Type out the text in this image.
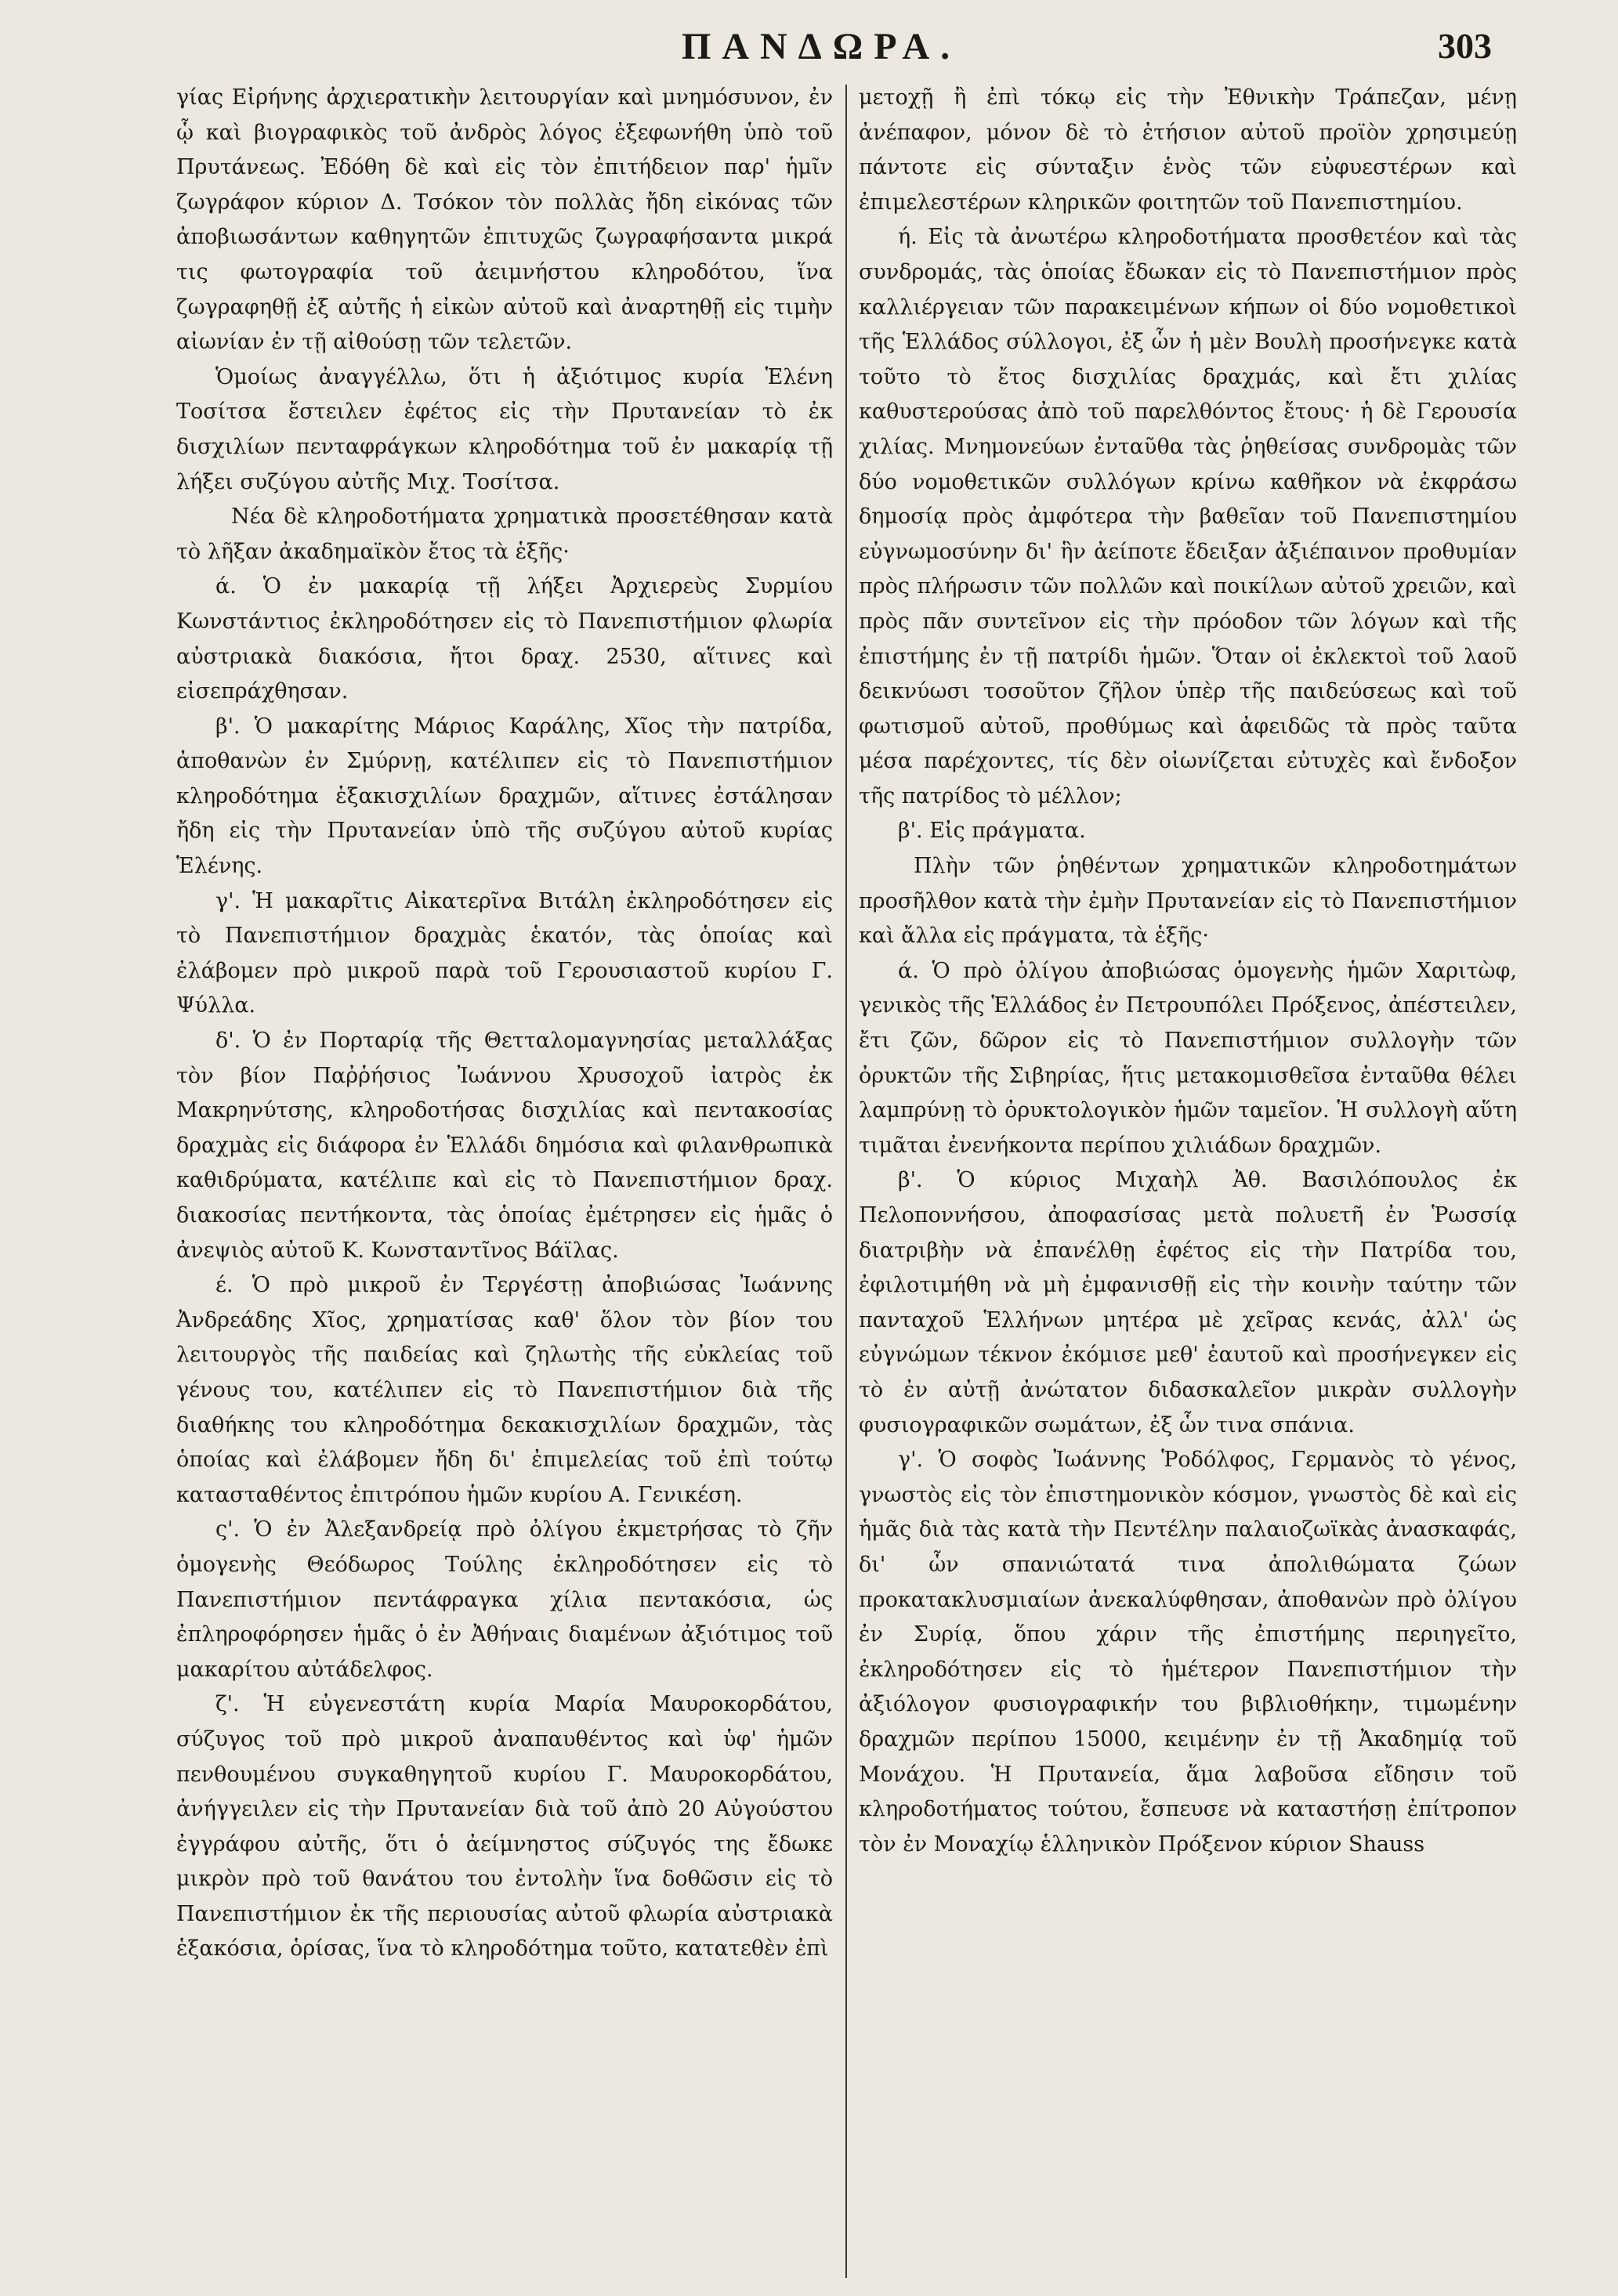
ΠΑΝΔΩΡΑ.	303

γίας Εἰρήνης ἀρχιερατικὴν λειτουργίαν καὶ μνημόσυνον, ἐν ᾧ καὶ βιογραφικὸς τοῦ ἀνδρὸς λόγος ἐξεφωνήθη ὑπὸ τοῦ Πρυτάνεως. Ἐδόθη δὲ καὶ εἰς τὸν ἐπιτήδειον παρ' ἡμῖν ζωγράφον κύριον Δ. Τσόκον τὸν πολλὰς ἤδη εἰκόνας τῶν ἀποβιωσάντων καθηγητῶν ἐπιτυχῶς ζωγραφήσαντα μικρά τις φωτογραφία τοῦ ἀειμνήστου κληροδότου, ἵνα ζωγραφηθῇ ἐξ αὐτῆς ἡ εἰκὼν αὐτοῦ καὶ ἀναρτηθῇ εἰς τιμὴν αἰωνίαν ἐν τῇ αἰθούσῃ τῶν τελετῶν.

Ὁμοίως ἀναγγέλλω, ὅτι ἡ ἀξιότιμος κυρία Ἑλένη Τοσίτσα ἔστειλεν ἐφέτος εἰς τὴν Πρυτανείαν τὸ ἐκ δισχιλίων πενταφράγκων κληροδότημα τοῦ ἐν μακαρίᾳ τῇ λήξει συζύγου αὐτῆς Μιχ. Τοσίτσα.

Νέα δὲ κληροδοτήματα χρηματικὰ προσετέθησαν κατὰ τὸ λῆξαν ἀκαδημαϊκὸν ἔτος τὰ ἑξῆς·

ά. Ὁ ἐν μακαρίᾳ τῇ λήξει Ἀρχιερεὺς Συρμίου Κωνστάντιος ἐκληροδότησεν εἰς τὸ Πανεπιστήμιον φλωρία αὐστριακὰ διακόσια, ἤτοι δραχ. 2530, αἵτινες καὶ εἰσεπράχθησαν.

β'. Ὁ μακαρίτης Μάριος Καράλης, Χῖος τὴν πατρίδα, ἀποθανὼν ἐν Σμύρνῃ, κατέλιπεν εἰς τὸ Πανεπιστήμιον κληροδότημα ἑξακισχιλίων δραχμῶν, αἵτινες ἐστάλησαν ἤδη εἰς τὴν Πρυτανείαν ὑπὸ τῆς συζύγου αὐτοῦ κυρίας Ἑλένης.

γ'. Ἡ μακαρῖτις Αἰκατερῖνα Βιτάλη ἐκληροδότησεν εἰς τὸ Πανεπιστήμιον δραχμὰς ἑκατόν, τὰς ὁποίας καὶ ἐλάβομεν πρὸ μικροῦ παρὰ τοῦ Γερουσιαστοῦ κυρίου Γ. Ψύλλα.

δ'. Ὁ ἐν Πορταρίᾳ τῆς Θετταλομαγνησίας μεταλλάξας τὸν βίον Παῤῥήσιος Ἰωάννου Χρυσοχοῦ ἰατρὸς ἐκ Μακρηνύτσης, κληροδοτήσας δισχιλίας καὶ πεντακοσίας δραχμὰς εἰς διάφορα ἐν Ἑλλάδι δημόσια καὶ φιλανθρωπικὰ καθιδρύματα, κατέλιπε καὶ εἰς τὸ Πανεπιστήμιον δραχ. διακοσίας πεντήκοντα, τὰς ὁποίας ἐμέτρησεν εἰς ἡμᾶς ὁ ἀνεψιὸς αὐτοῦ Κ. Κωνσταντῖνος Βάϊλας.

έ. Ὁ πρὸ μικροῦ ἐν Τεργέστῃ ἀποβιώσας Ἰωάννης Ἀνδρεάδης Χῖος, χρηματίσας καθ' ὅλον τὸν βίον του λειτουργὸς τῆς παιδείας καὶ ζηλωτὴς τῆς εὐκλείας τοῦ γένους του, κατέλιπεν εἰς τὸ Πανεπιστήμιον διὰ τῆς διαθήκης του κληροδότημα δεκακισχιλίων δραχμῶν, τὰς ὁποίας καὶ ἐλάβομεν ἤδη δι' ἐπιμελείας τοῦ ἐπὶ τούτῳ κατασταθέντος ἐπιτρόπου ἡμῶν κυρίου Α. Γενικέση.

ς'. Ὁ ἐν Ἀλεξανδρείᾳ πρὸ ὀλίγου ἐκμετρήσας τὸ ζῆν ὁμογενὴς Θεόδωρος Τούλης ἐκληροδότησεν εἰς τὸ Πανεπιστήμιον πεντάφραγκα χίλια πεντακόσια, ὡς ἐπληροφόρησεν ἡμᾶς ὁ ἐν Ἀθήναις διαμένων ἀξιότιμος τοῦ μακαρίτου αὐτάδελφος.

ζ'. Ἡ εὐγενεστάτη κυρία Μαρία Μαυροκορδάτου, σύζυγος τοῦ πρὸ μικροῦ ἀναπαυθέντος καὶ ὑφ' ἡμῶν πενθουμένου συγκαθηγητοῦ κυρίου Γ. Μαυροκορδάτου, ἀνήγγειλεν εἰς τὴν Πρυτανείαν διὰ τοῦ ἀπὸ 20 Αὐγούστου ἐγγράφου αὐτῆς, ὅτι ὁ ἀείμνηστος σύζυγός της ἔδωκε μικρὸν πρὸ τοῦ θανάτου του ἐντολὴν ἵνα δοθῶσιν εἰς τὸ Πανεπιστήμιον ἐκ τῆς περιουσίας αὐτοῦ φλωρία αὐστριακὰ ἑξακόσια, ὁρίσας, ἵνα τὸ κληροδότημα τοῦτο, κατατεθὲν ἐπὶ

μετοχῇ ἢ ἐπὶ τόκῳ εἰς τὴν Ἐθνικὴν Τράπεζαν, μένῃ ἀνέπαφον, μόνον δὲ τὸ ἐτήσιον αὐτοῦ προϊὸν χρησιμεύῃ πάντοτε εἰς σύνταξιν ἑνὸς τῶν εὐφυεστέρων καὶ ἐπιμελεστέρων κληρικῶν φοιτητῶν τοῦ Πανεπιστημίου.

ή. Εἰς τὰ ἀνωτέρω κληροδοτήματα προσθετέον καὶ τὰς συνδρομάς, τὰς ὁποίας ἔδωκαν εἰς τὸ Πανεπιστήμιον πρὸς καλλιέργειαν τῶν παρακειμένων κήπων οἱ δύο νομοθετικοὶ τῆς Ἑλλάδος σύλλογοι, ἐξ ὧν ἡ μὲν Βουλὴ προσήνεγκε κατὰ τοῦτο τὸ ἔτος δισχιλίας δραχμάς, καὶ ἔτι χιλίας καθυστερούσας ἀπὸ τοῦ παρελθόντος ἔτους· ἡ δὲ Γερουσία χιλίας. Μνημονεύων ἐνταῦθα τὰς ῥηθείσας συνδρομὰς τῶν δύο νομοθετικῶν συλλόγων κρίνω καθῆκον νὰ ἐκφράσω δημοσίᾳ πρὸς ἀμφότερα τὴν βαθεῖαν τοῦ Πανεπιστημίου εὐγνωμοσύνην δι' ἣν ἀείποτε ἔδειξαν ἀξιέπαινον προθυμίαν πρὸς πλήρωσιν τῶν πολλῶν καὶ ποικίλων αὐτοῦ χρειῶν, καὶ πρὸς πᾶν συντεῖνον εἰς τὴν πρόοδον τῶν λόγων καὶ τῆς ἐπιστήμης ἐν τῇ πατρίδι ἡμῶν. Ὅταν οἱ ἐκλεκτοὶ τοῦ λαοῦ δεικνύωσι τοσοῦτον ζῆλον ὑπὲρ τῆς παιδεύσεως καὶ τοῦ φωτισμοῦ αὐτοῦ, προθύμως καὶ ἀφειδῶς τὰ πρὸς ταῦτα μέσα παρέχοντες, τίς δὲν οἰωνίζεται εὐτυχὲς καὶ ἔνδοξον τῆς πατρίδος τὸ μέλλον;

β'. Εἰς πράγματα.

Πλὴν τῶν ῥηθέντων χρηματικῶν κληροδοτημάτων προσῆλθον κατὰ τὴν ἐμὴν Πρυτανείαν εἰς τὸ Πανεπιστήμιον καὶ ἄλλα εἰς πράγματα, τὰ ἑξῆς·

ά. Ὁ πρὸ ὀλίγου ἀποβιώσας ὁμογενὴς ἡμῶν Χαριτὼφ, γενικὸς τῆς Ἑλλάδος ἐν Πετρουπόλει Πρόξενος, ἀπέστειλεν, ἔτι ζῶν, δῶρον εἰς τὸ Πανεπιστήμιον συλλογὴν τῶν ὀρυκτῶν τῆς Σιβηρίας, ἥτις μετακομισθεῖσα ἐνταῦθα θέλει λαμπρύνῃ τὸ ὀρυκτολογικὸν ἡμῶν ταμεῖον. Ἡ συλλογὴ αὕτη τιμᾶται ἐνενήκοντα περίπου χιλιάδων δραχμῶν.

β'. Ὁ κύριος Μιχαὴλ Ἀθ. Βασιλόπουλος ἐκ Πελοποννήσου, ἀποφασίσας μετὰ πολυετῆ ἐν Ῥωσσίᾳ διατριβὴν νὰ ἐπανέλθῃ ἐφέτος εἰς τὴν Πατρίδα του, ἐφιλοτιμήθη νὰ μὴ ἐμφανισθῇ εἰς τὴν κοινὴν ταύτην τῶν πανταχοῦ Ἑλλήνων μητέρα μὲ χεῖρας κενάς, ἀλλ' ὡς εὐγνώμων τέκνον ἐκόμισε μεθ' ἑαυτοῦ καὶ προσήνεγκεν εἰς τὸ ἐν αὐτῇ ἀνώτατον διδασκαλεῖον μικρὰν συλλογὴν φυσιογραφικῶν σωμάτων, ἐξ ὧν τινα σπάνια.

γ'. Ὁ σοφὸς Ἰωάννης Ῥοδόλφος, Γερμανὸς τὸ γένος, γνωστὸς εἰς τὸν ἐπιστημονικὸν κόσμον, γνωστὸς δὲ καὶ εἰς ἡμᾶς διὰ τὰς κατὰ τὴν Πεντέλην παλαιοζωϊκὰς ἀνασκαφάς, δι' ὧν σπανιώτατά τινα ἀπολιθώματα ζώων προκατακλυσμιαίων ἀνεκαλύφθησαν, ἀποθανὼν πρὸ ὀλίγου ἐν Συρίᾳ, ὅπου χάριν τῆς ἐπιστήμης περιηγεῖτο, ἐκληροδότησεν εἰς τὸ ἡμέτερον Πανεπιστήμιον τὴν ἀξιόλογον φυσιογραφικήν του βιβλιοθήκην, τιμωμένην δραχμῶν περίπου 15000, κειμένην ἐν τῇ Ἀκαδημίᾳ τοῦ Μονάχου. Ἡ Πρυτανεία, ἅμα λαβοῦσα εἴδησιν τοῦ κληροδοτήματος τούτου, ἔσπευσε νὰ καταστήσῃ ἐπίτροπον τὸν ἐν Μοναχίῳ ἑλληνικὸν Πρόξενον κύριον Shauss
